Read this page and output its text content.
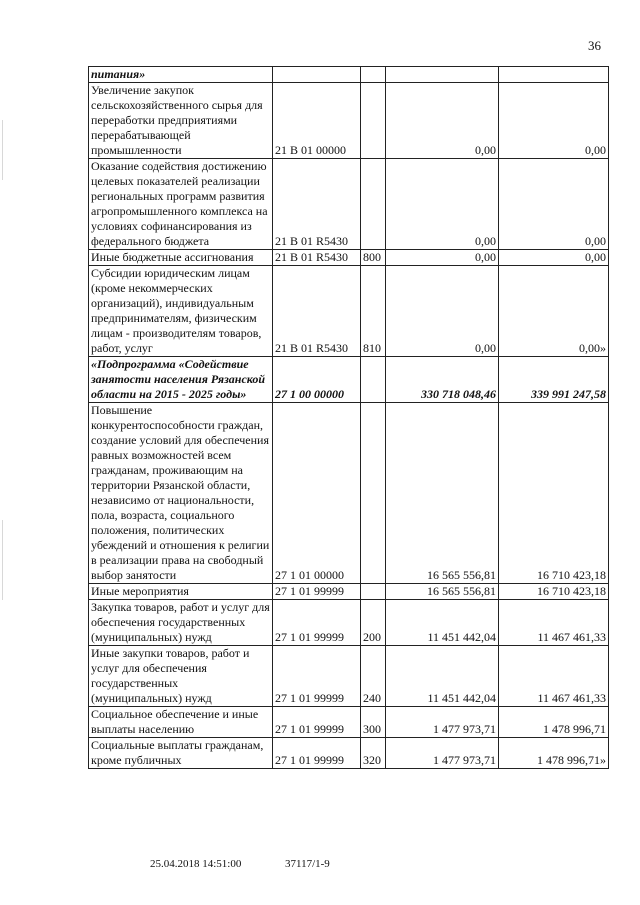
36
питания»				
Увеличение закупок сельскохозяйственного сырья для переработки предприятиями перерабатывающей промышленности	21 В 01 00000		0,00	0,00
Оказание содействия достижению целевых показателей реализации региональных программ развития агропромышленного комплекса на условиях софинансирования из федерального бюджета	21 В 01 R5430		0,00	0,00
Иные бюджетные ассигнования	21 В 01 R5430	800	0,00	0,00
Субсидии юридическим лицам (кроме некоммерческих организаций), индивидуальным предпринимателям, физическим лицам - производителям товаров, работ, услуг	21 В 01 R5430	810	0,00	0,00»
«Подпрограмма «Содействие занятости населения Рязанской области на 2015 - 2025 годы»	27 1 00 00000		330 718 048,46	339 991 247,58
Повышение конкурентоспособности граждан, создание условий для обеспечения равных возможностей всем гражданам, проживающим на территории Рязанской области, независимо от национальности, пола, возраста, социального положения, политических убеждений и отношения к религии в реализации права на свободный выбор занятости	27 1 01 00000		16 565 556,81	16 710 423,18
Иные мероприятия	27 1 01 99999		16 565 556,81	16 710 423,18
Закупка товаров, работ и услуг для обеспечения государственных (муниципальных) нужд	27 1 01 99999	200	11 451 442,04	11 467 461,33
Иные закупки товаров, работ и услуг для обеспечения государственных (муниципальных) нужд	27 1 01 99999	240	11 451 442,04	11 467 461,33
Социальное обеспечение и иные выплаты населению	27 1 01 99999	300	1 477 973,71	1 478 996,71
Социальные выплаты гражданам, кроме публичных	27 1 01 99999	320	1 477 973,71	1 478 996,71»
25.04.2018 14:51:00	37117/1-9
